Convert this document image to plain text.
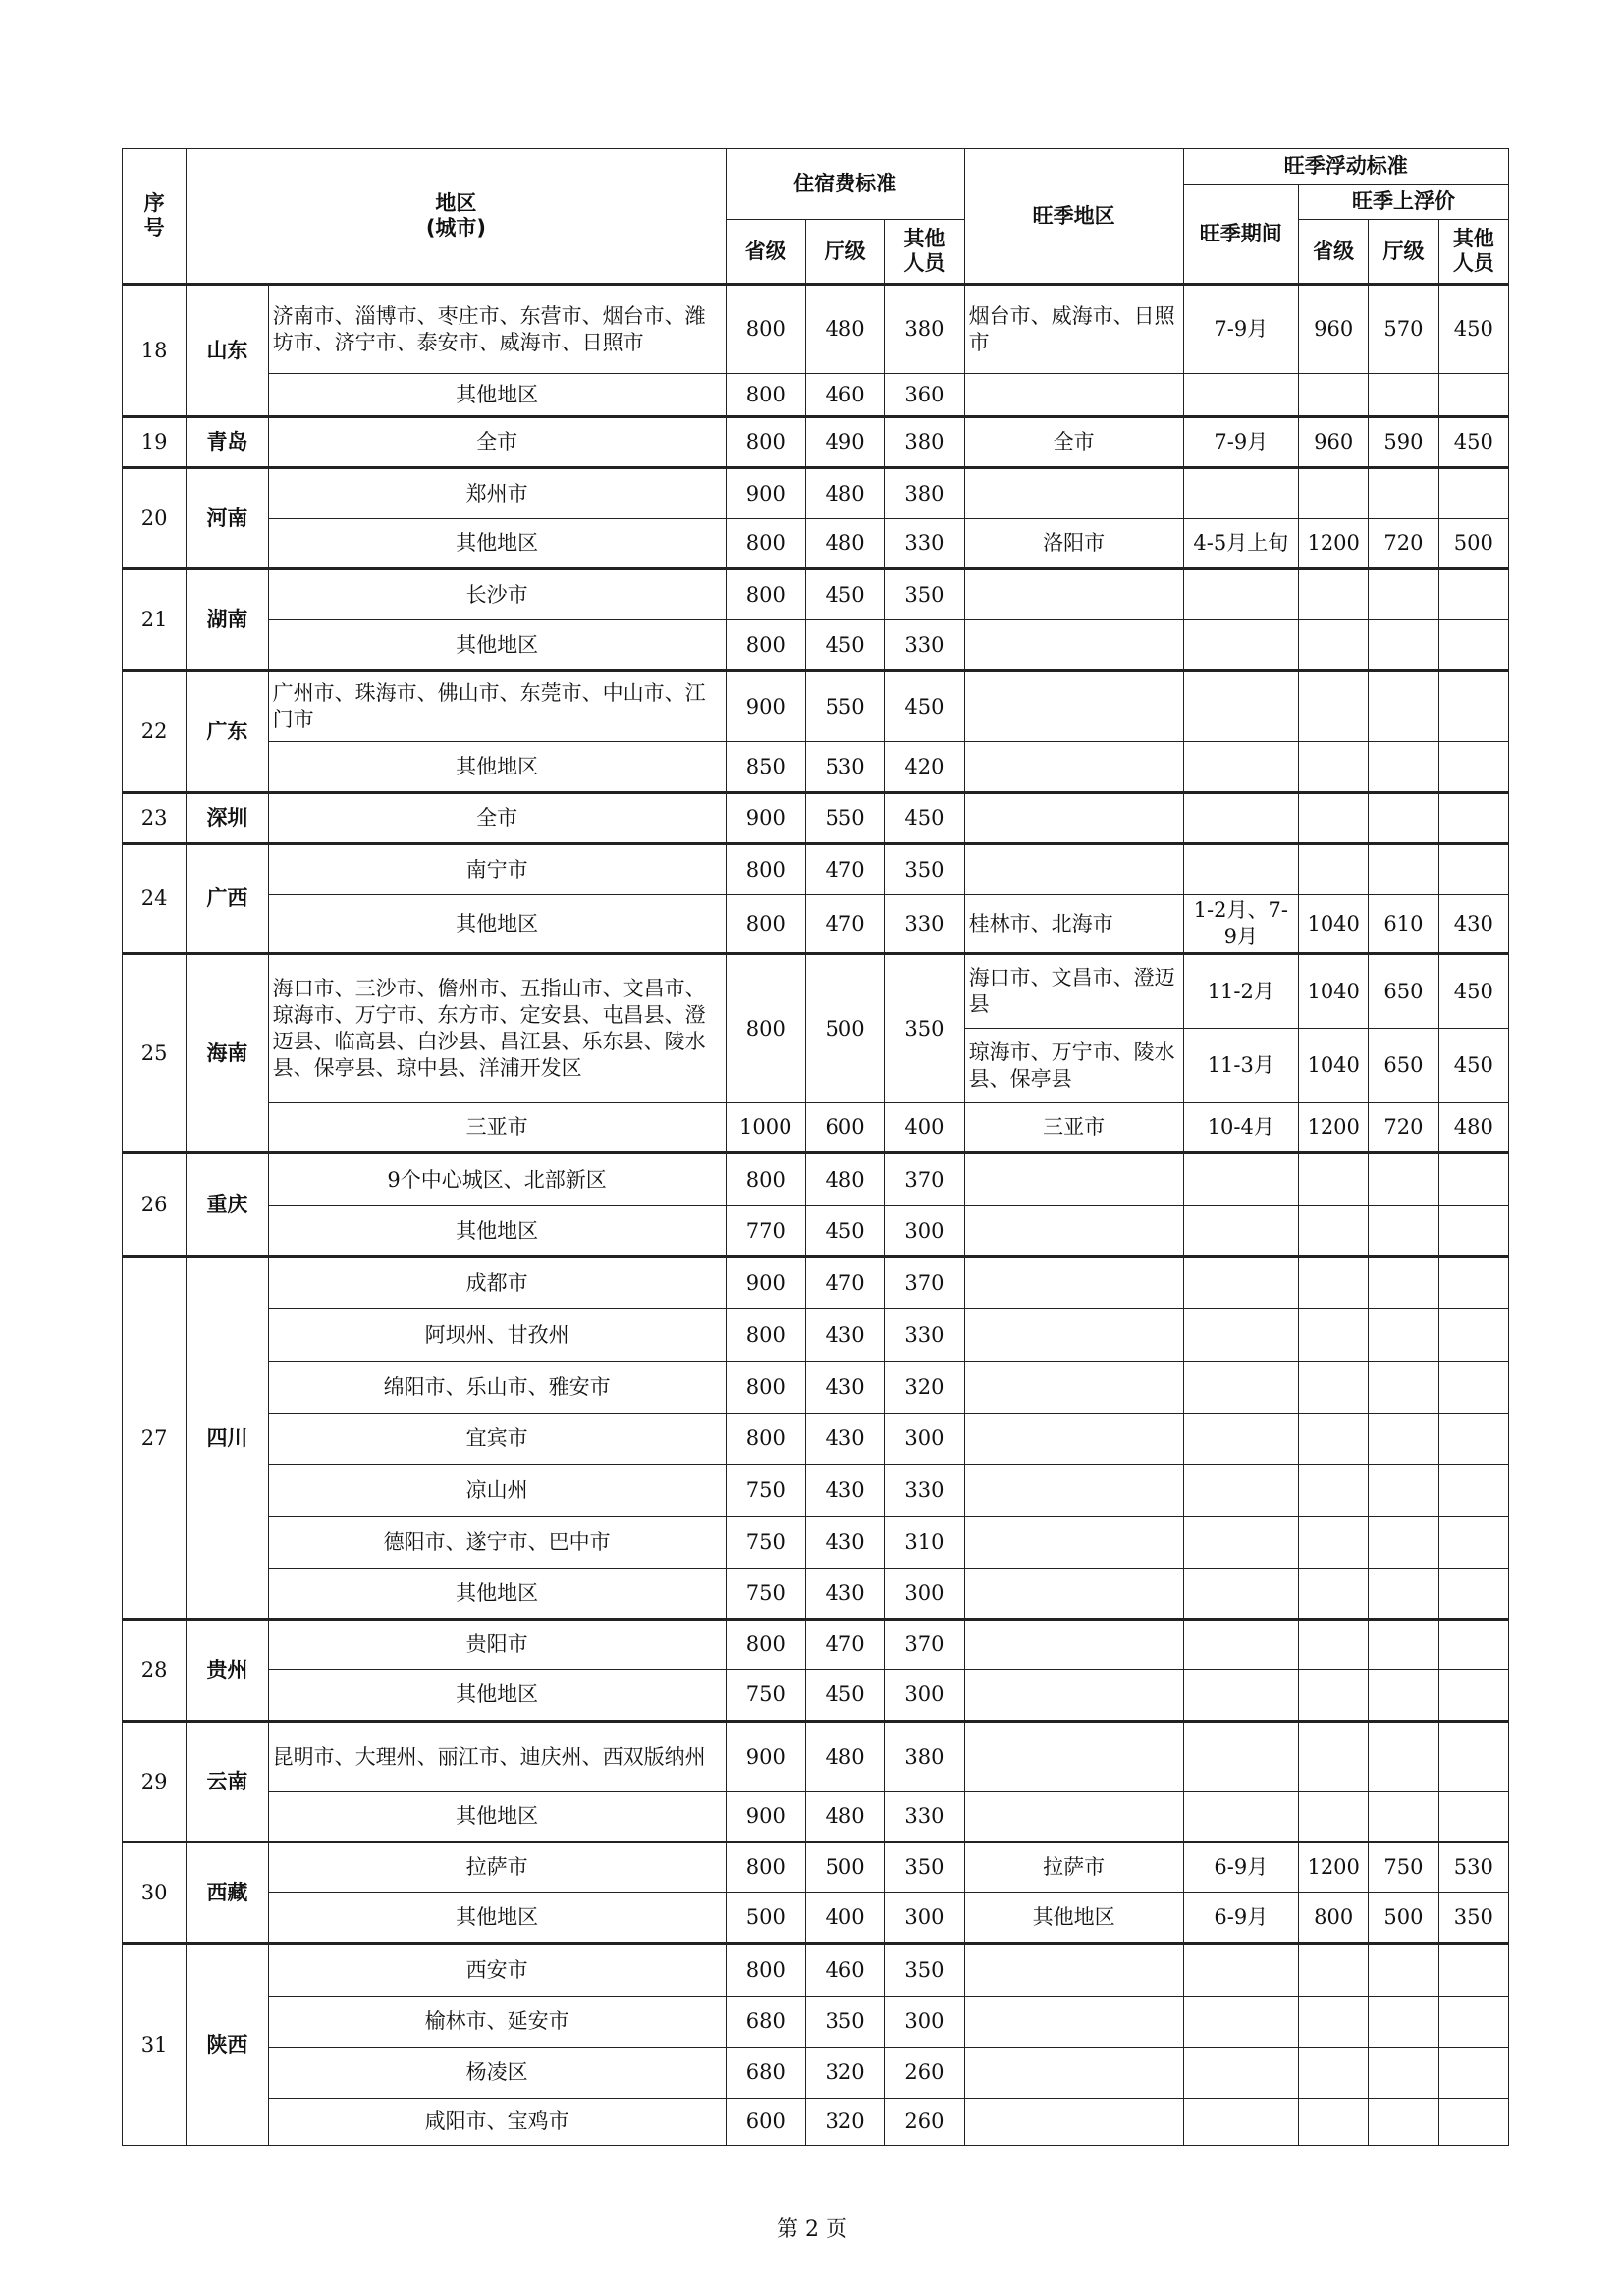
序
号	地区
(城市)		住宿费标准			旺季地区	旺季浮动标准			
							旺季期间	旺季上浮价		
			省级	厅级	其他
人员			省级	厅级	其他
人员
18	山东	济南市、淄博市、枣庄市、东营市、烟台市、潍坊市、济宁市、泰安市、威海市、日照市	800	480	380	烟台市、威海市、日照市	7-9月	960	570	450
		其他地区	800	460	360					
19	青岛	全市	800	490	380	全市	7-9月	960	590	450
20	河南	郑州市	900	480	380					
		其他地区	800	480	330	洛阳市	4-5月上旬	1200	720	500
21	湖南	长沙市	800	450	350					
		其他地区	800	450	330					
22	广东	广州市、珠海市、佛山市、东莞市、中山市、江门市	900	550	450					
		其他地区	850	530	420					
23	深圳	全市	900	550	450					
24	广西	南宁市	800	470	350					
		其他地区	800	470	330	桂林市、北海市	1-2月、7-9月	1040	610	430
25	海南	海口市、三沙市、儋州市、五指山市、文昌市、琼海市、万宁市、东方市、定安县、屯昌县、澄迈县、临高县、白沙县、昌江县、乐东县、陵水县、保亭县、琼中县、洋浦开发区	800	500	350	海口市、文昌市、澄迈县	11-2月	1040	650	450
						琼海市、万宁市、陵水县、保亭县	11-3月	1040	650	450
		三亚市	1000	600	400	三亚市	10-4月	1200	720	480
26	重庆	9个中心城区、北部新区	800	480	370					
		其他地区	770	450	300					
27	四川	成都市	900	470	370					
		阿坝州、甘孜州	800	430	330					
		绵阳市、乐山市、雅安市	800	430	320					
		宜宾市	800	430	300					
		凉山州	750	430	330					
		德阳市、遂宁市、巴中市	750	430	310					
		其他地区	750	430	300					
28	贵州	贵阳市	800	470	370					
		其他地区	750	450	300					
29	云南	昆明市、大理州、丽江市、迪庆州、西双版纳州	900	480	380					
		其他地区	900	480	330					
30	西藏	拉萨市	800	500	350	拉萨市	6-9月	1200	750	530
		其他地区	500	400	300	其他地区	6-9月	800	500	350
31	陕西	西安市	800	460	350					
		榆林市、延安市	680	350	300					
		杨凌区	680	320	260					
		咸阳市、宝鸡市	600	320	260					
第 2 页
